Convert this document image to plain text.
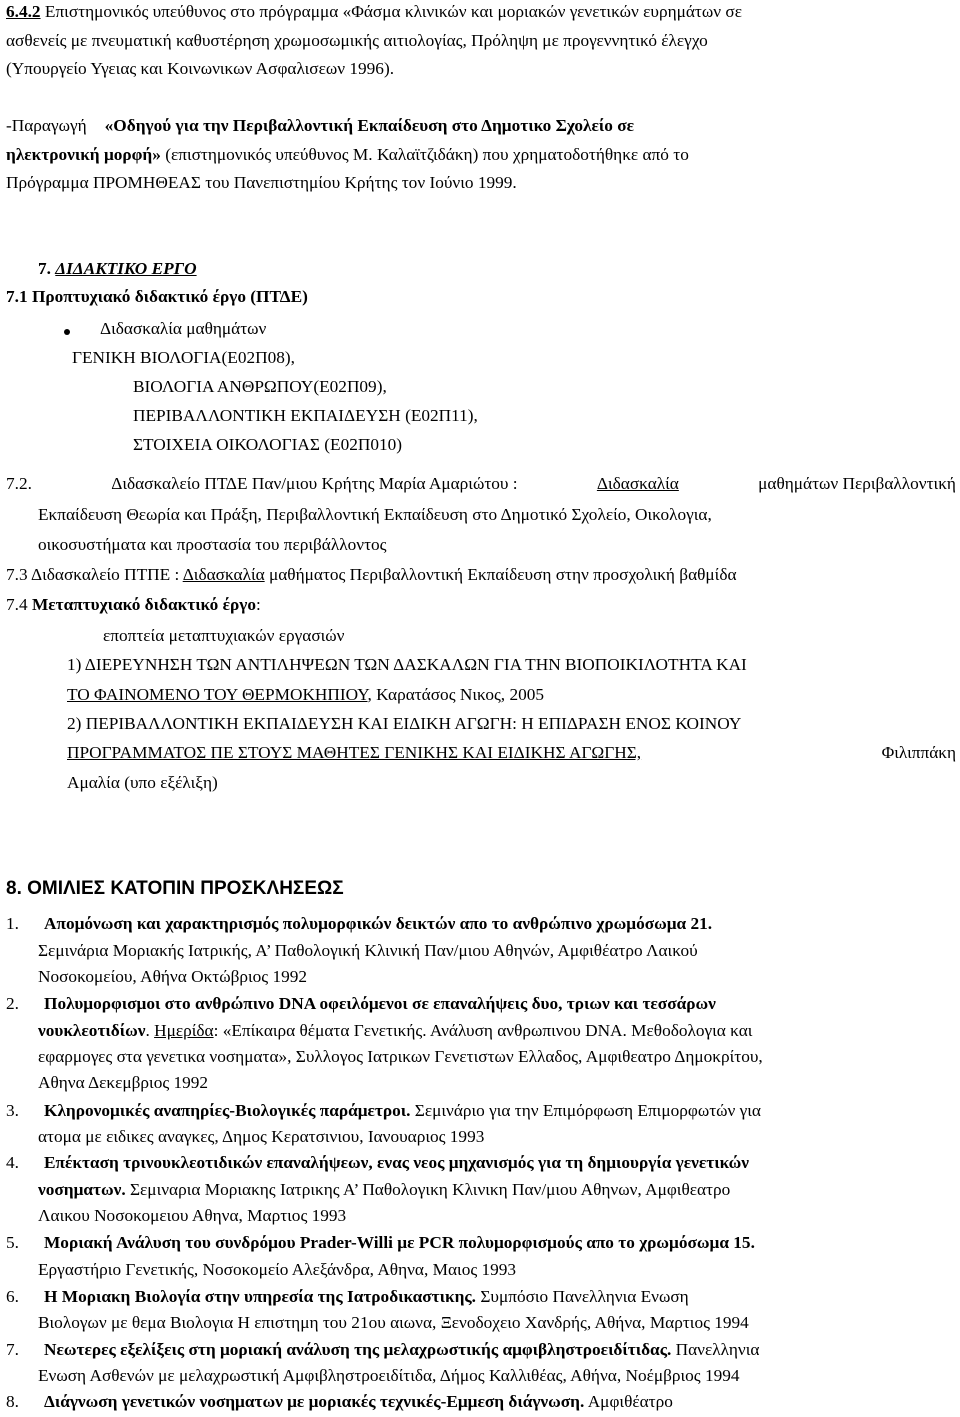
6.4.2 Επιστημονικός υπεύθυνος στο πρόγραμμα «Φάσμα κλινικών και μοριακών γενετικών ευρημάτων σε
ασθενείς με πνευματική καθυστέρηση χρωμοσωμικής αιτιολογίας, Πρόληψη με προγεννητικό έλεγχο
(Υπουργείο Υγειας και Κοινωνικων Ασφαλισεων 1996).
-Παραγωγή «Οδηγού για την Περιβαλλοντική Εκπαίδευση στο Δημοτικο Σχολείο σε
ηλεκτρονική μορφή» (επιστημονικός υπεύθυνος Μ. Καλαϊτζιδάκη) που χρηματοδοτήθηκε από το
Πρόγραμμα ΠΡΟΜΗΘΕΑΣ του Πανεπιστημίου Κρήτης τον Ιούνιο 1999.
7. ΔΙΔΑΚΤΙΚΟ ΕΡΓΟ
7.1 Προπτυχιακό διδακτικό έργο (ΠΤΔΕ)
Διδασκαλία μαθημάτων
ΓΕΝΙΚΗ ΒΙΟΛΟΓΙΑ(Ε02Π08),
ΒΙΟΛΟΓΙΑ ΑΝΘΡΩΠΟΥ(Ε02Π09),
ΠΕΡΙΒΑΛΛΟΝΤΙΚΗ ΕΚΠΑΙΔΕΥΣΗ (Ε02Π11),
ΣΤΟΙΧΕΙΑ ΟΙΚΟΛΟΓΙΑΣ (Ε02Π010)
7.2.	Διδασκαλείο ΠΤΔΕ Παν/μιου Κρήτης Μαρία Αμαριώτου :	Διδασκαλία	μαθημάτων Περιβαλλοντική
Εκπαίδευση Θεωρία και Πράξη, Περιβαλλοντική Εκπαίδευση στο Δημοτικό Σχολείο, Οικολογια,
οικοσυστήματα και προστασία του περιβάλλοντος
7.3 Διδασκαλείο ΠΤΠΕ : Διδασκαλία μαθήματος Περιβαλλοντική Εκπαίδευση στην προσχολική βαθμίδα
7.4 Μεταπτυχιακό διδακτικό έργο:
εποπτεία μεταπτυχιακών εργασιών
1) ΔΙΕΡΕΥΝΗΣΗ ΤΩΝ ΑΝΤΙΛΗΨΕΩΝ ΤΩΝ ΔΑΣΚΑΛΩΝ ΓΙΑ ΤΗΝ ΒΙΟΠΟΙΚΙΛΟΤΗΤΑ ΚΑΙ
ΤΟ ΦΑΙΝΟΜΕΝΟ ΤΟΥ ΘΕΡΜΟΚΗΠΙΟΥ, Καρατάσος Νικος, 2005
2) ΠΕΡΙΒΑΛΛΟΝΤΙΚΗ ΕΚΠΑΙΔΕΥΣΗ ΚΑΙ ΕΙΔΙΚΗ ΑΓΩΓΗ: Η ΕΠΙΔΡΑΣΗ ΕΝΟΣ ΚΟΙΝΟΥ
ΠΡΟΓΡΑΜΜΑΤΟΣ ΠΕ ΣΤΟΥΣ ΜΑΘΗΤΕΣ ΓΕΝΙΚΗΣ ΚΑΙ ΕΙΔΙΚΗΣ ΑΓΩΓΗΣ,	Φιλιππάκη
Αμαλία (υπο εξέλιξη)
8. ΟΜΙΛΙΕΣ ΚΑΤΟΠΙΝ ΠΡΟΣΚΛΗΣΕΩΣ
1. Απομόνωση και χαρακτηρισμός πολυμορφικών δεικτών απο το ανθρώπινο χρωμόσωμα 21.
Σεμινάρια Μοριακής Ιατρικής, Α’ Παθολογική Κλινική Παν/μιου Αθηνών, Αμφιθέατρο Λαικού
Νοσοκομείου, Αθήνα Οκτώβριος 1992
2. Πολυμορφισμοι στο ανθρώπινο DNA οφειλόμενοι σε επαναλήψεις δυο, τριων και τεσσάρων
νουκλεοτιδίων. Ημερίδα: «Επίκαιρα θέματα Γενετικής. Ανάλυση ανθρωπινου DNA. Μεθοδολογια και
εφαρμογες στα γενετικα νοσηματα», Συλλογος Ιατρικων Γενετιστων Ελλαδος, Αμφιθεατρο Δημοκρίτου,
Αθηνα Δεκεμβριος 1992
3. Κληρονομικές αναπηρίες-Βιολογικές παράμετροι. Σεμινάριο για την Επιμόρφωση Επιμορφωτών για
ατομα με ειδικες αναγκες, Δημος Κερατσινιου, Ιανουαριος 1993
4. Επέκταση τρινουκλεοτιδικών επαναλήψεων, ενας νεος μηχανισμός για τη δημιουργία γενετικών
νοσηματων. Σεμιναρια Μοριακης Ιατρικης Α’ Παθολογικη Κλινικη Παν/μιου Αθηνων, Αμφιθεατρο
Λαικου Νοσοκομειου Αθηνα, Μαρτιος 1993
5. Μοριακή Ανάλυση του συνδρόμου Prader-Willi με PCR πολυμορφισμούς απο το χρωμόσωμα 15.
Εργαστήριο Γενετικής, Νοσοκομείο Αλεξάνδρα, Αθηνα, Μαιος 1993
6. Η Μοριακη Βιολογία στην υπηρεσία της Ιατροδικαστικης. Συμπόσιο Πανελληνια Ενωση
Βιολογων με θεμα Βιολογια Η επιστημη του 21ου αιωνα, Ξενοδοχειο Χανδρής, Αθήνα, Μαρτιος 1994
7. Νεωτερες εξελίξεις στη μοριακή ανάλυση της μελαχρωστικής αμφιβληστροειδίτιδας. Πανελληνια
Ενωση Ασθενών με μελαχρωστική Αμφιβληστροειδίτιδα, Δήμος Καλλιθέας, Αθήνα, Νοέμβριος 1994
8. Διάγνωση γενετικών νοσηματων με μοριακές τεχνικές-Εμμεση διάγνωση. Αμφιθέατρο
